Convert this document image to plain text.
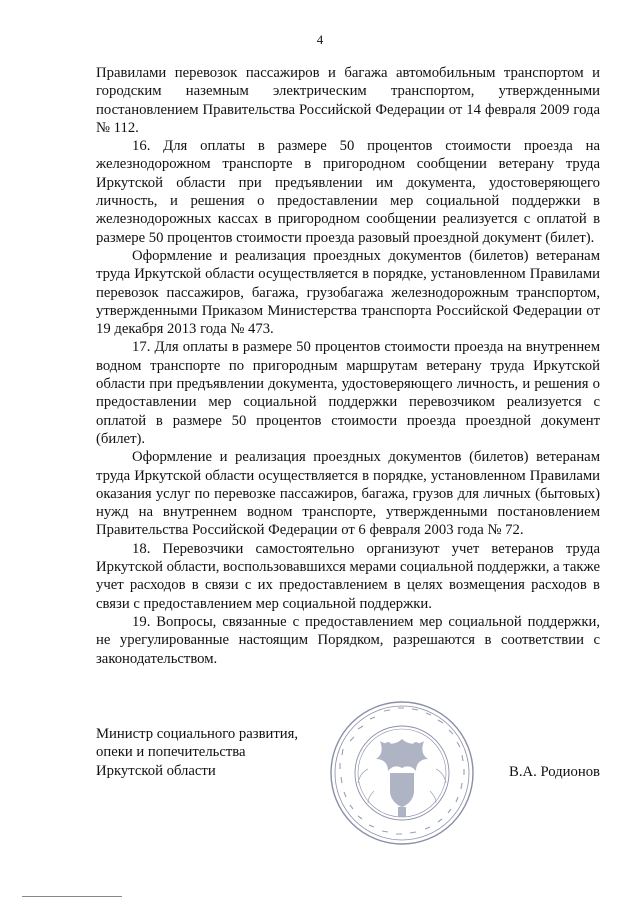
4

Правилами перевозок пассажиров и багажа автомобильным транспортом и городским наземным электрическим транспортом, утвержденными постановлением Правительства Российской Федерации от 14 февраля 2009 года № 112.

16. Для оплаты в размере 50 процентов стоимости проезда на железнодорожном транспорте в пригородном сообщении ветерану труда Иркутской области при предъявлении им документа, удостоверяющего личность, и решения о предоставлении мер социальной поддержки в железнодорожных кассах в пригородном сообщении реализуется с оплатой в размере 50 процентов стоимости проезда разовый проездной документ (билет).

Оформление и реализация проездных документов (билетов) ветеранам труда Иркутской области осуществляется в порядке, установленном Правилами перевозок пассажиров, багажа, грузобагажа железнодорожным транспортом, утвержденными Приказом Министерства транспорта Российской Федерации от 19 декабря 2013 года № 473.

17. Для оплаты в размере 50 процентов стоимости проезда на внутреннем водном транспорте по пригородным маршрутам ветерану труда Иркутской области при предъявлении документа, удостоверяющего личность, и решения о предоставлении мер социальной поддержки перевозчиком реализуется с оплатой в размере 50 процентов стоимости проезда проездной документ (билет).

Оформление и реализация проездных документов (билетов) ветеранам труда Иркутской области осуществляется в порядке, установленном Правилами оказания услуг по перевозке пассажиров, багажа, грузов для личных (бытовых) нужд на внутреннем водном транспорте, утвержденными постановлением Правительства Российской Федерации от 6 февраля 2003 года № 72.

18. Перевозчики самостоятельно организуют учет ветеранов труда Иркутской области, воспользовавшихся мерами социальной поддержки, а также учет расходов в связи с их предоставлением в целях возмещения расходов в связи с предоставлением мер социальной поддержки.

19. Вопросы, связанные с предоставлением мер социальной поддержки, не урегулированные настоящим Порядком, разрешаются в соответствии с законодательством.

Министр социального развития,
опеки и попечительства
Иркутской области	В.А. Родионов
